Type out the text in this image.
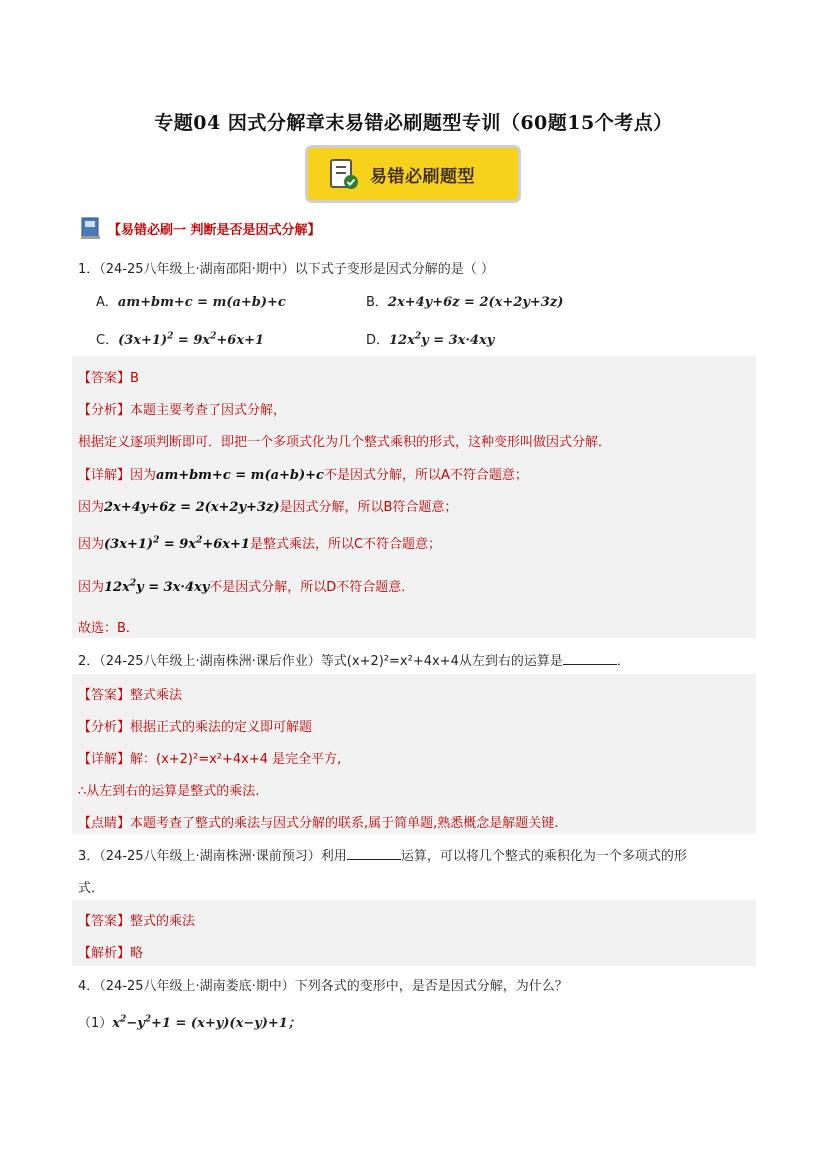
专题04 因式分解章末易错必刷题型专训（60题15个考点）
易错必刷题型
【易错必刷一 判断是否是因式分解】
1．（24-25八年级上·湖南邵阳·期中）以下式子变形是因式分解的是（ ）
A．am+bm+c = m(a+b)+c	B．2x+4y+6z = 2(x+2y+3z)
C．$(3x+1)^2 = 9x^2+6x+1$	D．$12x^2y = 3x\cdot 4xy$
【答案】B
【分析】本题主要考查了因式分解，
根据定义逐项判断即可．即把一个多项式化为几个整式乘积的形式，这种变形叫做因式分解．
【详解】因为am+bm+c = m(a+b)+c不是因式分解，所以A不符合题意；
因为2x+4y+6z = 2(x+2y+3z)是因式分解，所以B符合题意；
因为$(3x+1)^2 = 9x^2+6x+1$是整式乘法，所以C不符合题意；
因为$12x^2y = 3x\cdot 4xy$不是因式分解，所以D不符合题意．
故选：B．
2．（24-25八年级上·湖南株洲·课后作业）等式(x+2)²=x²+4x+4从左到右的运算是	．
【答案】整式乘法
【分析】根据正式的乘法的定义即可解题
【详解】解：(x+2)²=x²+4x+4 是完全平方,
∴从左到右的运算是整式的乘法.
【点睛】本题考查了整式的乘法与因式分解的联系,属于简单题,熟悉概念是解题关键.
3．（24-25八年级上·湖南株洲·课前预习）利用	运算，可以将几个整式的乘积化为一个多项式的形
式．
【答案】整式的乘法
【解析】略
4．（24-25八年级上·湖南娄底·期中）下列各式的变形中，是否是因式分解，为什么？
$(1)x^2-y^2+1 = (x+y)(x-y)+1$；
